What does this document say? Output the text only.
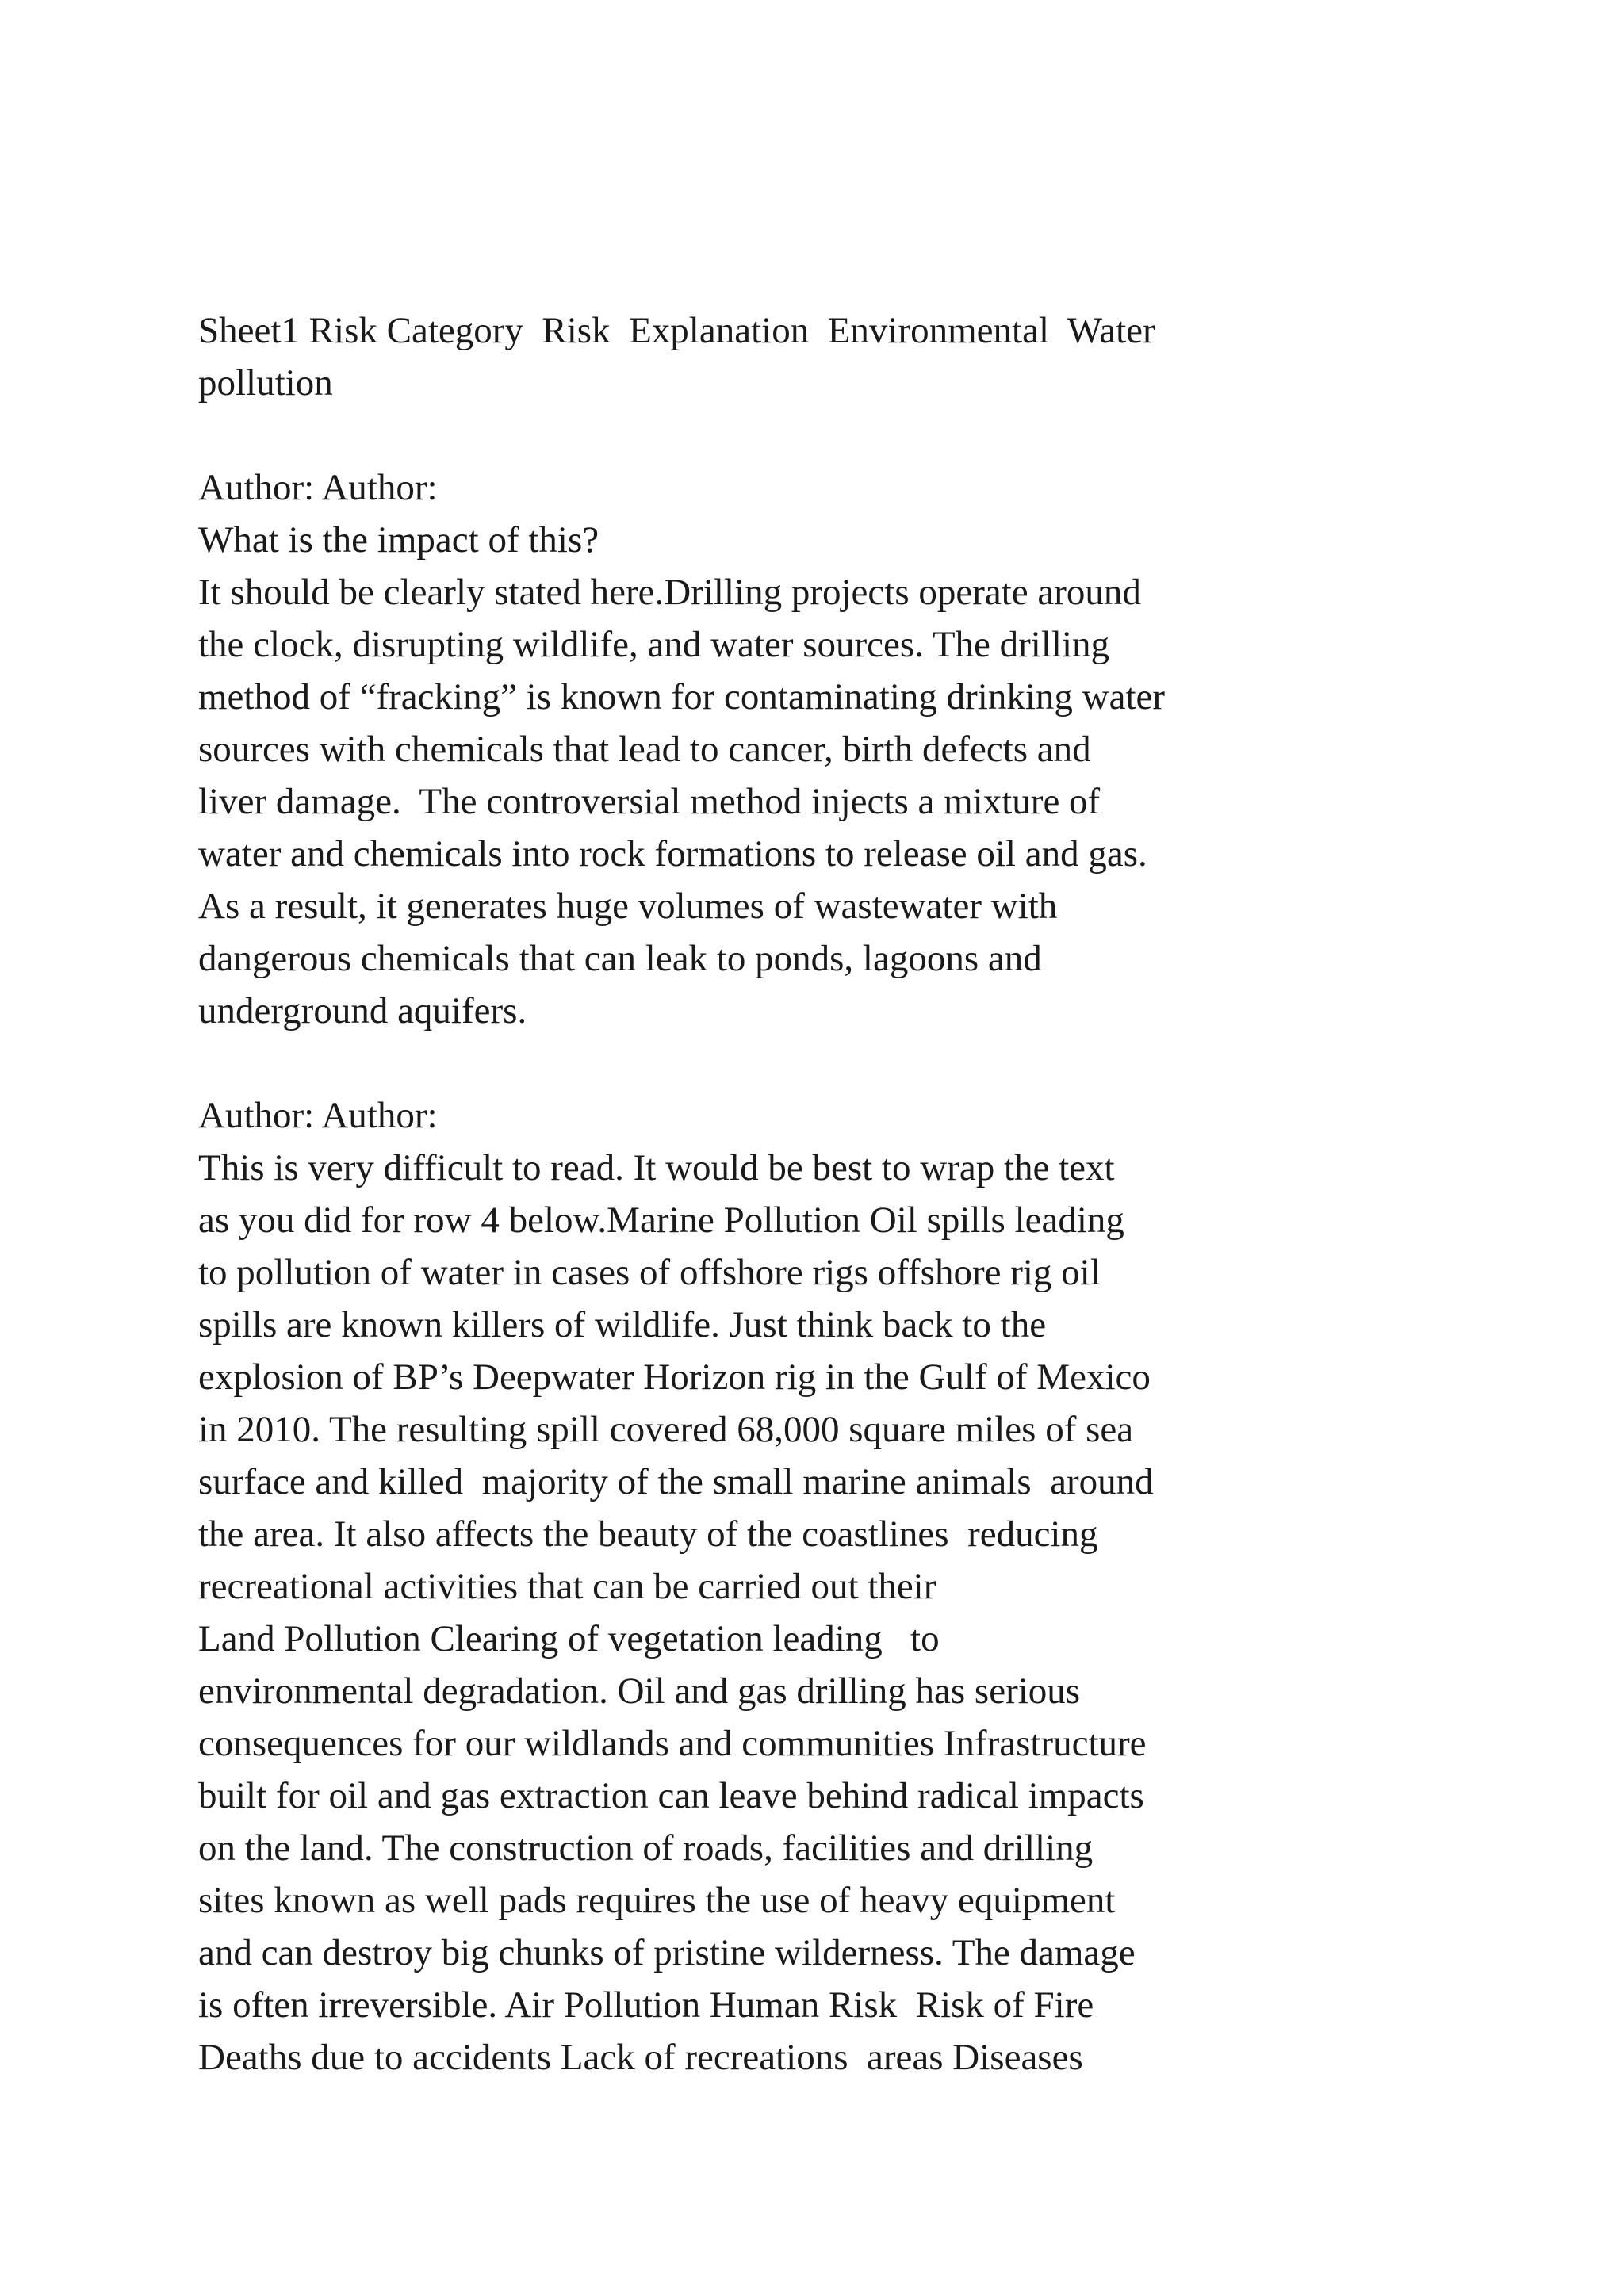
Sheet1 Risk Category  Risk  Explanation  Environmental  Water
pollution
Author: Author:
What is the impact of this?
It should be clearly stated here.Drilling projects operate around
the clock, disrupting wildlife, and water sources. The drilling
method of “fracking” is known for contaminating drinking water
sources with chemicals that lead to cancer, birth defects and
liver damage.  The controversial method injects a mixture of
water and chemicals into rock formations to release oil and gas.
As a result, it generates huge volumes of wastewater with
dangerous chemicals that can leak to ponds, lagoons and
underground aquifers.
Author: Author:
This is very difficult to read. It would be best to wrap the text
as you did for row 4 below.Marine Pollution Oil spills leading
to pollution of water in cases of offshore rigs offshore rig oil
spills are known killers of wildlife. Just think back to the
explosion of BP’s Deepwater Horizon rig in the Gulf of Mexico
in 2010. The resulting spill covered 68,000 square miles of sea
surface and killed  majority of the small marine animals  around
the area. It also affects the beauty of the coastlines  reducing
recreational activities that can be carried out their
Land Pollution Clearing of vegetation leading   to
environmental degradation. Oil and gas drilling has serious
consequences for our wildlands and communities Infrastructure
built for oil and gas extraction can leave behind radical impacts
on the land. The construction of roads, facilities and drilling
sites known as well pads requires the use of heavy equipment
and can destroy big chunks of pristine wilderness. The damage
is often irreversible. Air Pollution Human Risk  Risk of Fire
Deaths due to accidents Lack of recreations  areas Diseases
